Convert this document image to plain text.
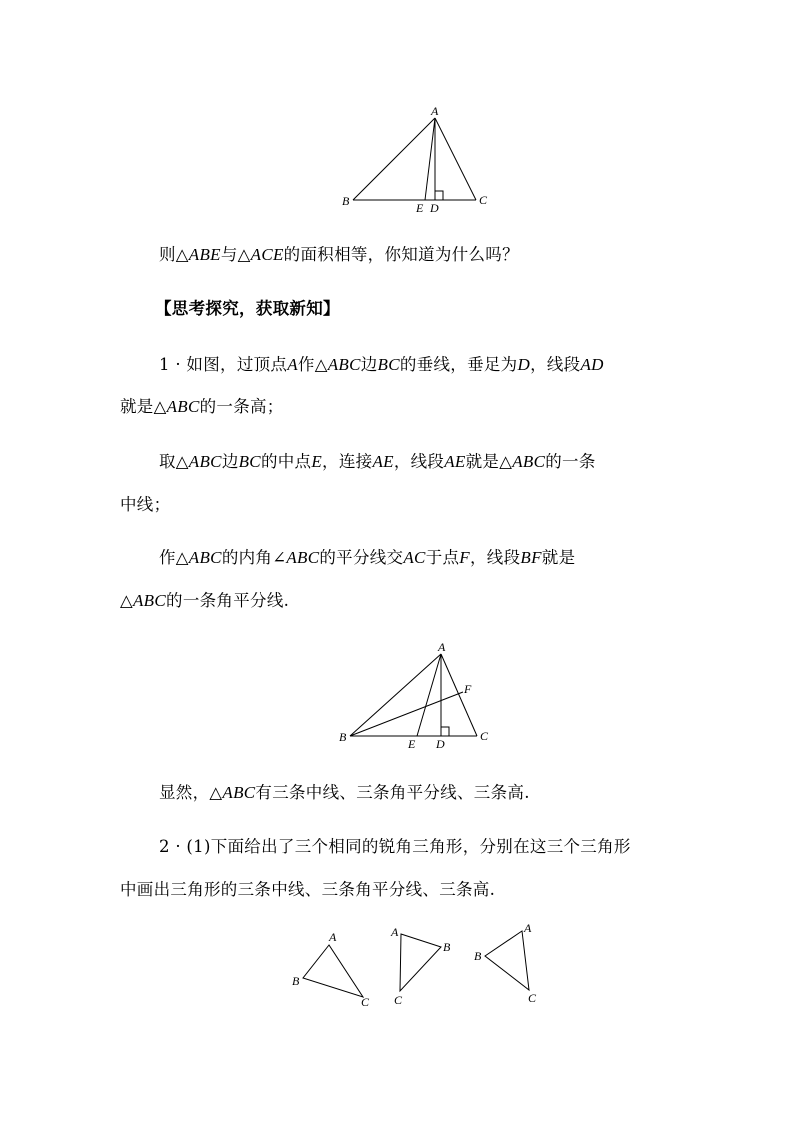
A
B	C
E D
则△ABE与△ACE的面积相等，你知道为什么吗？
【思考探究，获取新知】
1 · 如图，过顶点A作△ABC边BC的垂线，垂足为D，线段AD
就是△ABC的一条高；
取△ABC边BC的中点E，连接AE，线段AE就是△ABC的一条
中线；
作△ABC的内角∠ABC的平分线交AC于点F，线段BF就是
△ABC的一条角平分线.
A
B	C
E D
F
显然，△ABC有三条中线、三条角平分线、三条高.
2 · (1)下面给出了三个相同的锐角三角形，分别在这三个三角形
中画出三角形的三条中线、三条角平分线、三条高.
A
B
C
A
B
C
A
B
C
